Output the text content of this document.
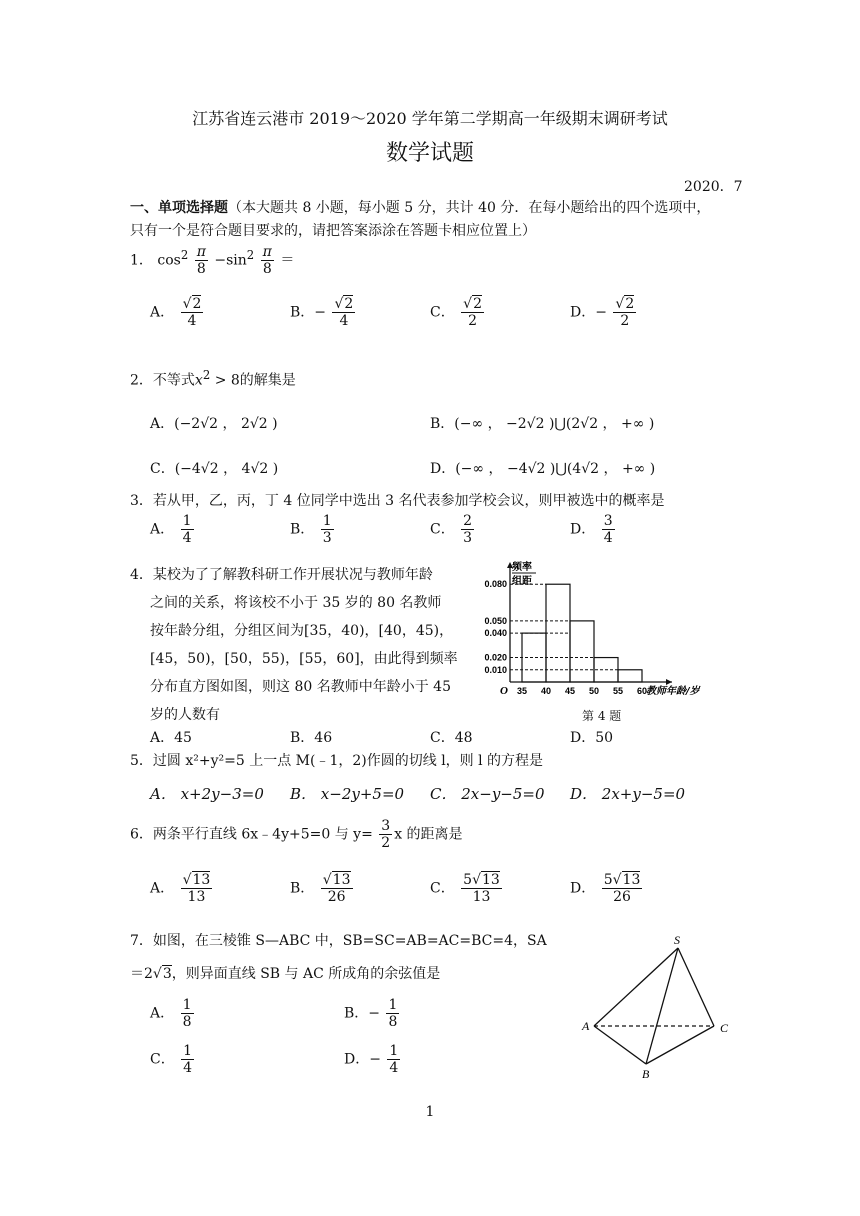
江苏省连云港市 2019～2020 学年第二学期高一年级期末调研考试
数学试题
2020．7
一、单项选择题（本大题共 8 小题，每小题 5 分，共计 40 分．在每小题给出的四个选项中，
只有一个是符合题目要求的，请把答案添涂在答题卡相应位置上）
1． $\cos^2 \frac{\pi}{8} -\sin^2 \frac{\pi}{8}$ ＝
A． $\frac{√2}{4}$	B．− $\frac{√2}{4}$	C． $\frac{√2}{2}$	D．− $\frac{√2}{2}$
2．不等式$x^2 > 8$的解集是
A．(−2√2 ， 2√2 )	B．(−∞ ， −2√2 )⋃(2√2 ， +∞ )
C．(−4√2 ， 4√2 )	D．(−∞ ， −4√2 )⋃(4√2 ， +∞ )
3．若从甲，乙，丙，丁 4 位同学中选出 3 名代表参加学校会议，则甲被选中的概率是
A． $\frac{1}{4}$	B． $\frac{1}{3}$	C． $\frac{2}{3}$	D． $\frac{3}{4}$
4．某校为了了解教科研工作开展状况与教师年龄
之间的关系，将该校不小于 35 岁的 80 名教师
按年龄分组，分组区间为[35，40)，[40，45)，
[45，50)，[50，55)，[55，60]，由此得到频率
分布直方图如图，则这 80 名教师中年龄小于 45
岁的人数有
A．45	B．46	C．48	D．50
0.010
0.020
0.040
0.050
0.080
35 40 45 50 55 60
O
频率
组距
教师年龄/岁
第 4 题
5．过圆 x²+y²=5 上一点 M(﹣1，2)作圆的切线 l，则 l 的方程是
A． x+2y−3=0 B． x−2y+5=0 C． 2x−y−5=0 D． 2x+y−5=0
6．两条平行直线 6x﹣4y+5=0 与 $y= \frac{3}{2}$ x 的距离是
A． $\frac{√13}{13}$	B． $\frac{√13}{26}$	C． $\frac{5√13}{13}$	D． $\frac{5√13}{26}$
7．如图，在三棱锥 S—ABC 中，SB=SC=AB=AC=BC=4，SA
＝2√3，则异面直线 SB 与 AC 所成角的余弦值是
A． $\frac{1}{8}$	B．− $\frac{1}{8}$
C． $\frac{1}{4}$	D．− $\frac{1}{4}$
S
A
B
C
1
